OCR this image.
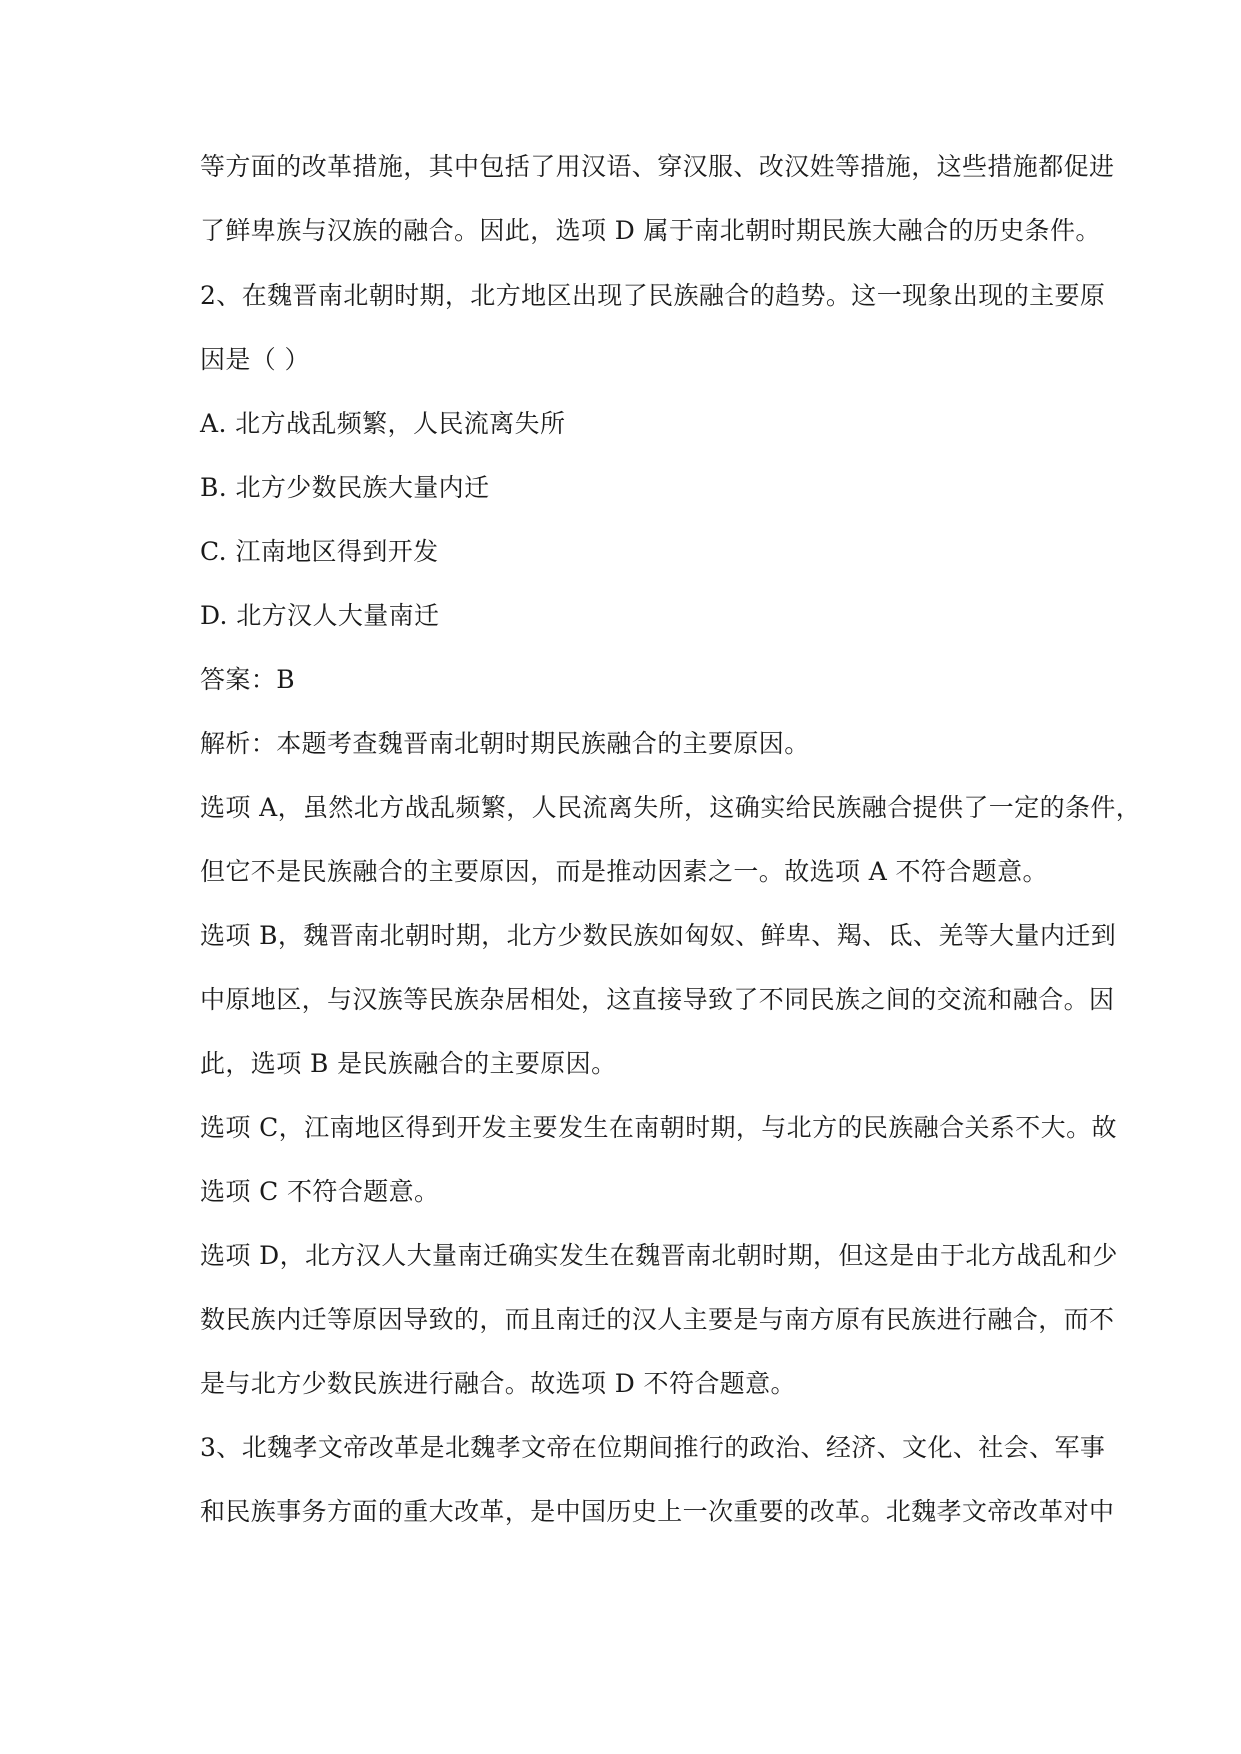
等方面的改革措施，其中包括了用汉语、穿汉服、改汉姓等措施，这些措施都促进
了鲜卑族与汉族的融合。因此，选项 D 属于南北朝时期民族大融合的历史条件。
2、在魏晋南北朝时期，北方地区出现了民族融合的趋势。这一现象出现的主要原
因是（ ）
A. 北方战乱频繁，人民流离失所
B. 北方少数民族大量内迁
C. 江南地区得到开发
D. 北方汉人大量南迁
答案：B
解析：本题考查魏晋南北朝时期民族融合的主要原因。
选项 A，虽然北方战乱频繁，人民流离失所，这确实给民族融合提供了一定的条件，
但它不是民族融合的主要原因，而是推动因素之一。故选项 A 不符合题意。
选项 B，魏晋南北朝时期，北方少数民族如匈奴、鲜卑、羯、氐、羌等大量内迁到
中原地区，与汉族等民族杂居相处，这直接导致了不同民族之间的交流和融合。因
此，选项 B 是民族融合的主要原因。
选项 C，江南地区得到开发主要发生在南朝时期，与北方的民族融合关系不大。故
选项 C 不符合题意。
选项 D，北方汉人大量南迁确实发生在魏晋南北朝时期，但这是由于北方战乱和少
数民族内迁等原因导致的，而且南迁的汉人主要是与南方原有民族进行融合，而不
是与北方少数民族进行融合。故选项 D 不符合题意。
3、北魏孝文帝改革是北魏孝文帝在位期间推行的政治、经济、文化、社会、军事
和民族事务方面的重大改革，是中国历史上一次重要的改革。北魏孝文帝改革对中
